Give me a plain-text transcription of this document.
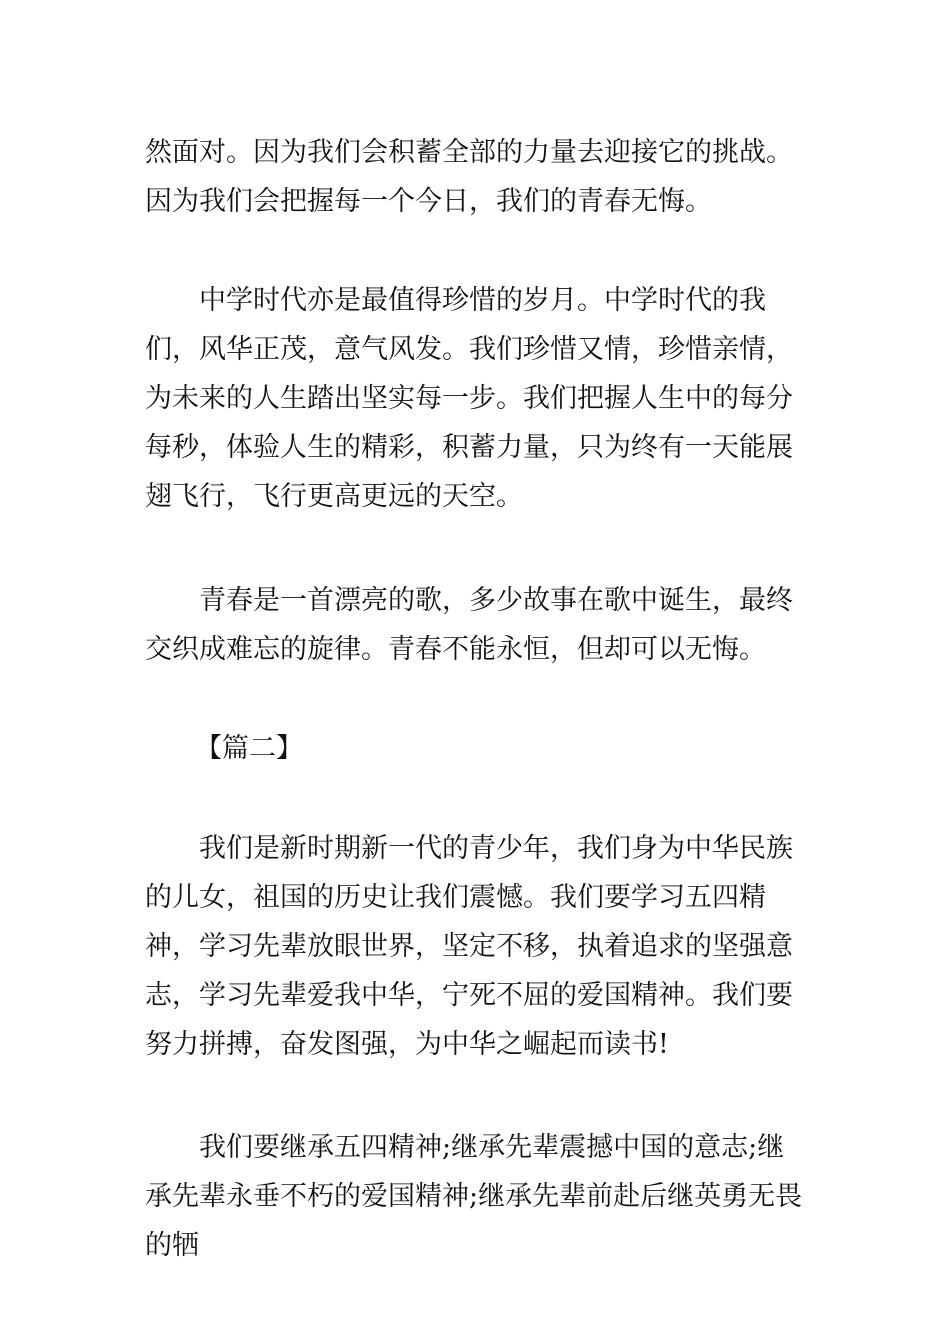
然面对。因为我们会积蓄全部的力量去迎接它的挑战。因为我们会把握每一个今日，我们的青春无悔。
中学时代亦是最值得珍惜的岁月。中学时代的我们，风华正茂，意气风发。我们珍惜又情，珍惜亲情，为未来的人生踏出坚实每一步。我们把握人生中的每分每秒，体验人生的精彩，积蓄力量，只为终有一天能展翅飞行，飞行更高更远的天空。
青春是一首漂亮的歌，多少故事在歌中诞生，最终交织成难忘的旋律。青春不能永恒，但却可以无悔。
【篇二】
我们是新时期新一代的青少年，我们身为中华民族的儿女，祖国的历史让我们震憾。我们要学习五四精神，学习先辈放眼世界，坚定不移，执着追求的坚强意志，学习先辈爱我中华，宁死不屈的爱国精神。我们要努力拼搏，奋发图强，为中华之崛起而读书!
我们要继承五四精神;继承先辈震撼中国的意志;继承先辈永垂不朽的爱国精神;继承先辈前赴后继英勇无畏的牺
